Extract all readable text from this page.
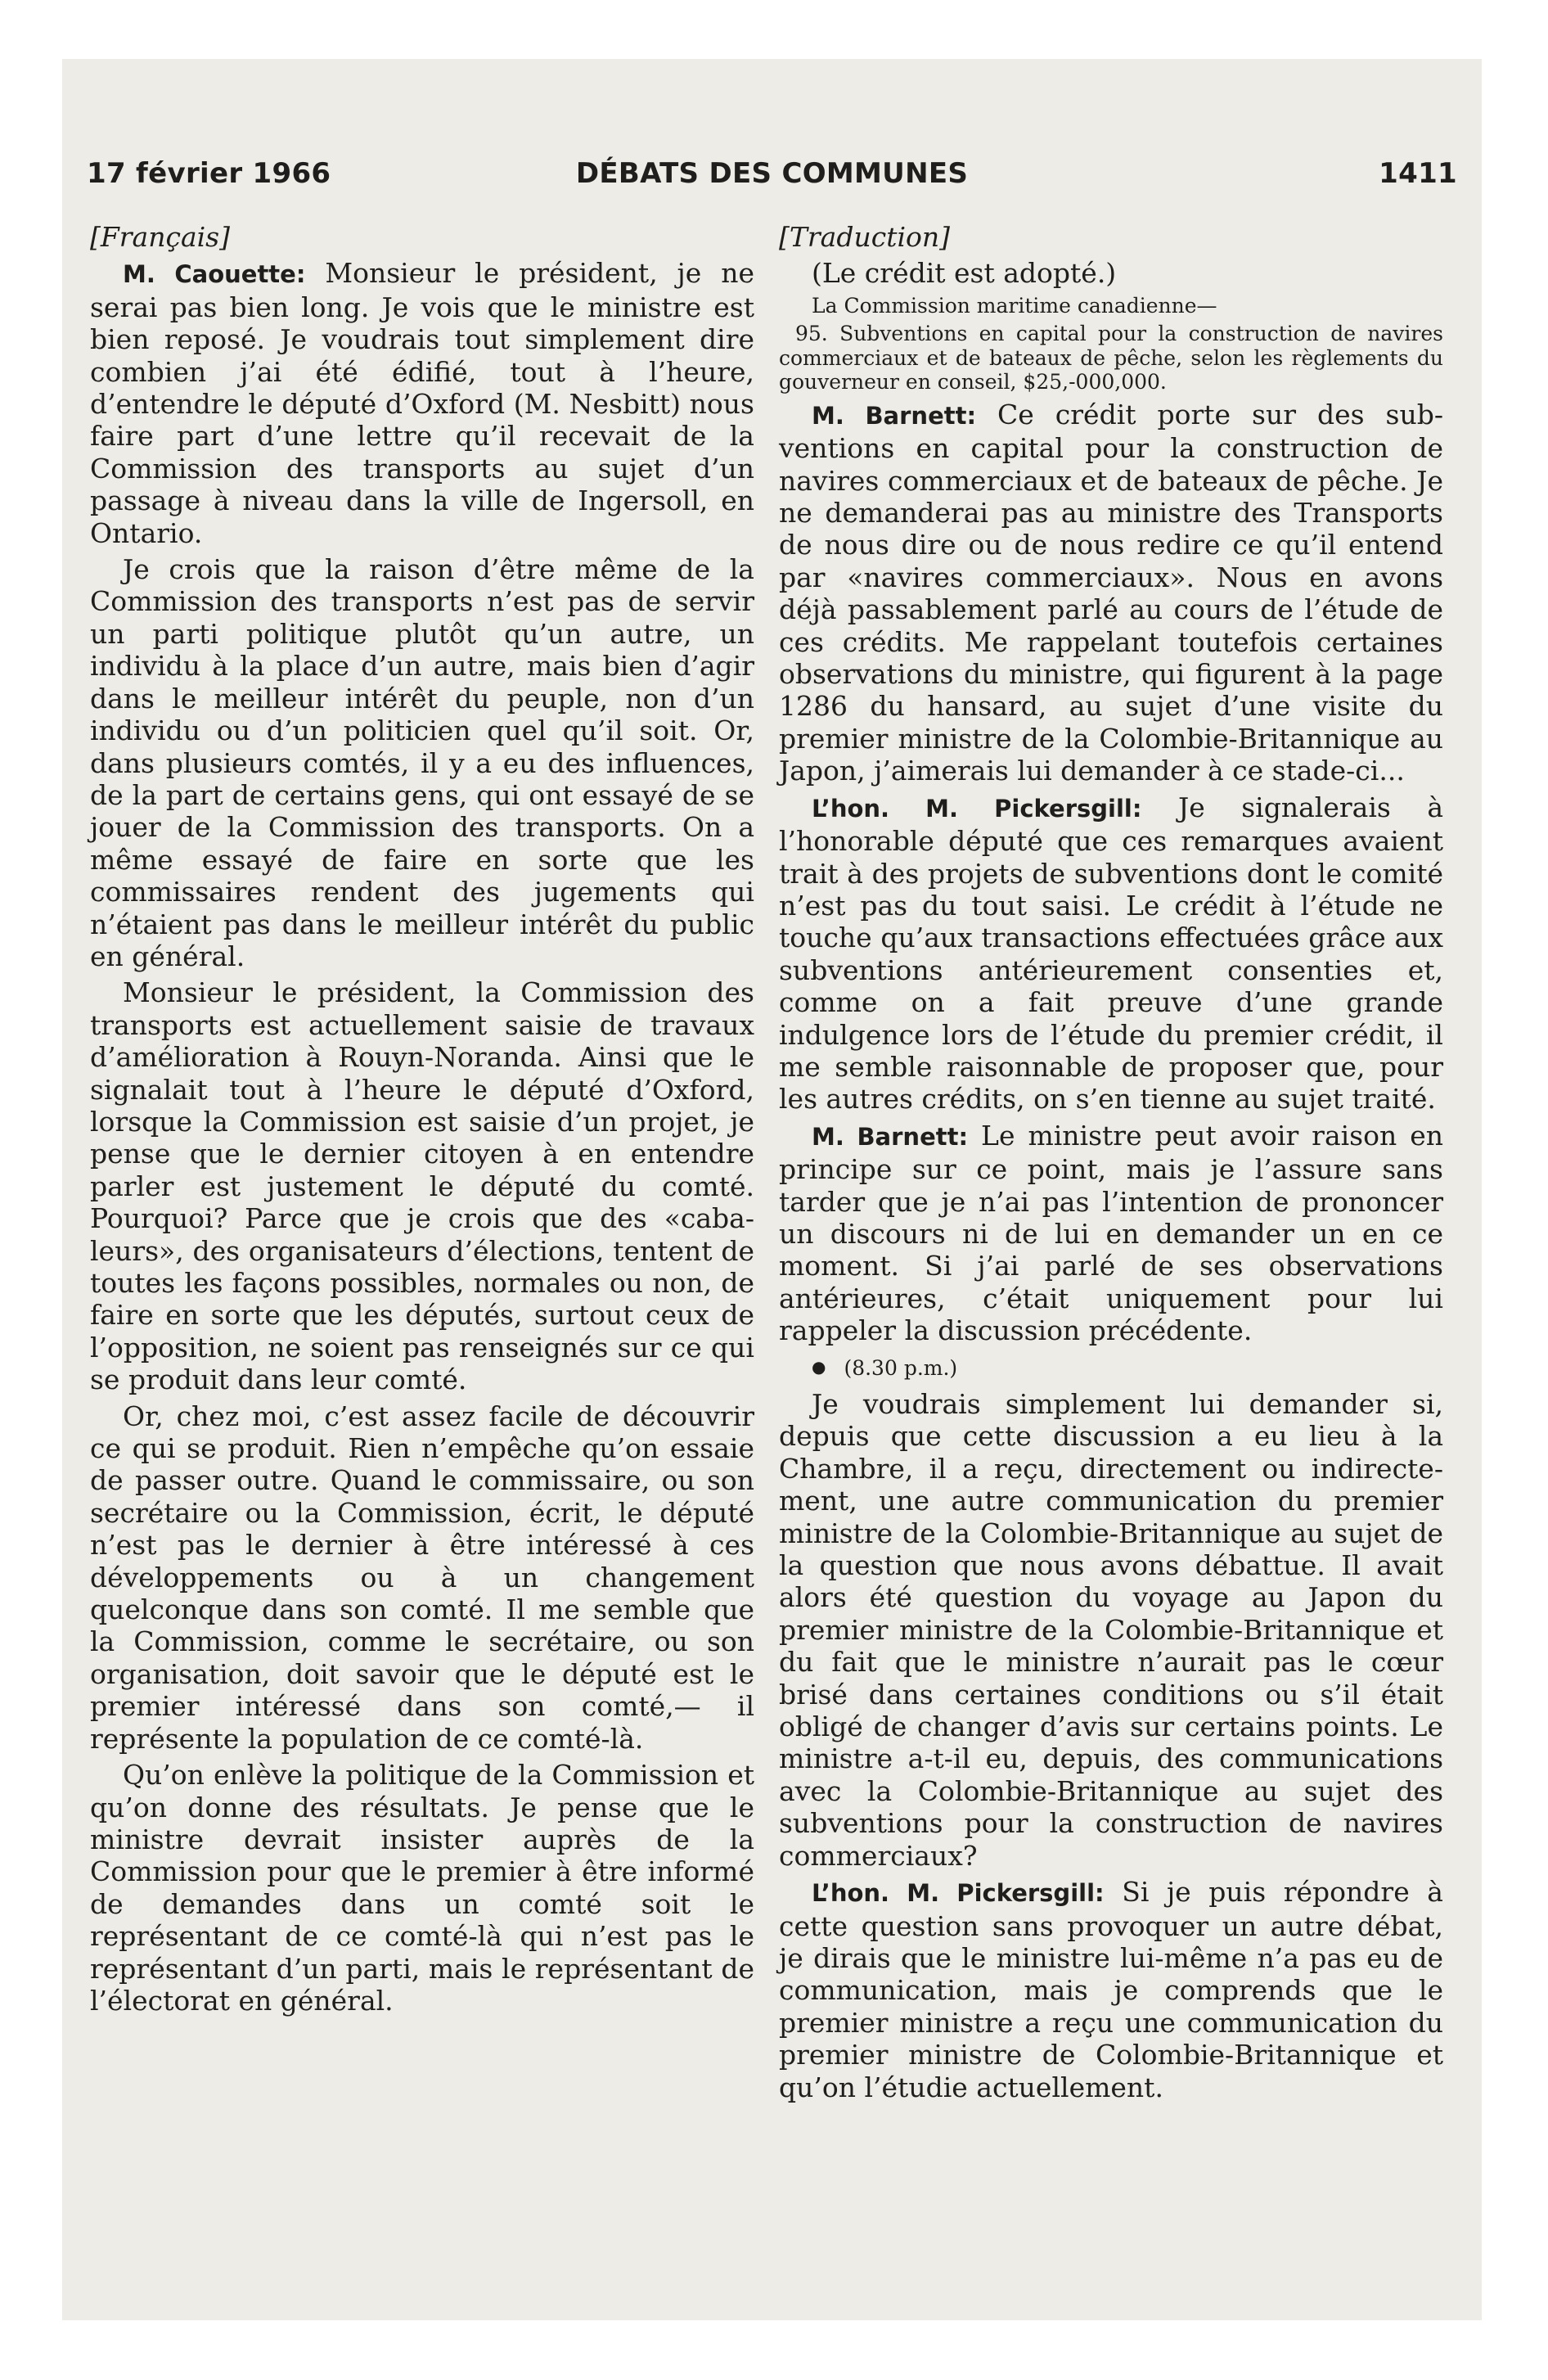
17 février 1966	DÉBATS DES COMMUNES	1411

[Français]

M. Caouette: Monsieur le président, je ne serai pas bien long. Je vois que le ministre est bien reposé. Je voudrais tout simplement dire combien j’ai été édifié, tout à l’heure, d’entendre le député d’Oxford (M. Nesbitt) nous faire part d’une lettre qu’il recevait de la Commission des transports au sujet d’un passage à niveau dans la ville de Ingersoll, en Ontario.

Je crois que la raison d’être même de la Commission des transports n’est pas de servir un parti politique plutôt qu’un autre, un individu à la place d’un autre, mais bien d’agir dans le meilleur intérêt du peuple, non d’un individu ou d’un politicien quel qu’il soit. Or, dans plusieurs comtés, il y a eu des influences, de la part de certains gens, qui ont essayé de se jouer de la Commission des transports. On a même essayé de faire en sorte que les commissaires rendent des jugements qui n’étaient pas dans le meilleur intérêt du public en général.

Monsieur le président, la Commission des transports est actuellement saisie de travaux d’amélioration à Rouyn-Noranda. Ainsi que le signalait tout à l’heure le député d’Oxford, lorsque la Commission est saisie d’un projet, je pense que le dernier citoyen à en entendre parler est justement le député du comté. Pourquoi? Parce que je crois que des «cabaleurs», des organisateurs d’élections, tentent de toutes les façons possibles, normales ou non, de faire en sorte que les députés, surtout ceux de l’opposition, ne soient pas renseignés sur ce qui se produit dans leur comté.

Or, chez moi, c’est assez facile de découvrir ce qui se produit. Rien n’empêche qu’on essaie de passer outre. Quand le commissaire, ou son secrétaire ou la Commission, écrit, le député n’est pas le dernier à être intéressé à ces développements ou à un changement quelconque dans son comté. Il me semble que la Commission, comme le secrétaire, ou son organisation, doit savoir que le député est le premier intéressé dans son comté,— il représente la population de ce comté-là.

Qu’on enlève la politique de la Commission et qu’on donne des résultats. Je pense que le ministre devrait insister auprès de la Commission pour que le premier à être informé de demandes dans un comté soit le représentant de ce comté-là qui n’est pas le représentant d’un parti, mais le représentant de l’électorat en général.

[Traduction]

(Le crédit est adopté.)

La Commission maritime canadienne—

95. Subventions en capital pour la construction de navires commerciaux et de bateaux de pêche, selon les règlements du gouverneur en conseil, $25,-000,000.

M. Barnett: Ce crédit porte sur des subventions en capital pour la construction de navires commerciaux et de bateaux de pêche. Je ne demanderai pas au ministre des Transports de nous dire ou de nous redire ce qu’il entend par «navires commerciaux». Nous en avons déjà passablement parlé au cours de l’étude de ces crédits. Me rappelant toutefois certaines observations du ministre, qui figurent à la page 1286 du hansard, au sujet d’une visite du premier ministre de la Colombie-Britannique au Japon, j’aimerais lui demander à ce stade-ci...

L’hon. M. Pickersgill: Je signalerais à l’honorable député que ces remarques avaient trait à des projets de subventions dont le comité n’est pas du tout saisi. Le crédit à l’étude ne touche qu’aux transactions effectuées grâce aux subventions antérieurement consenties et, comme on a fait preuve d’une grande indulgence lors de l’étude du premier crédit, il me semble raisonnable de proposer que, pour les autres crédits, on s’en tienne au sujet traité.

M. Barnett: Le ministre peut avoir raison en principe sur ce point, mais je l’assure sans tarder que je n’ai pas l’intention de prononcer un discours ni de lui en demander un en ce moment. Si j’ai parlé de ses observations antérieures, c’était uniquement pour lui rappeler la discussion précédente.

● (8.30 p.m.)

Je voudrais simplement lui demander si, depuis que cette discussion a eu lieu à la Chambre, il a reçu, directement ou indirectement, une autre communication du premier ministre de la Colombie-Britannique au sujet de la question que nous avons débattue. Il avait alors été question du voyage au Japon du premier ministre de la Colombie-Britannique et du fait que le ministre n’aurait pas le cœur brisé dans certaines conditions ou s’il était obligé de changer d’avis sur certains points. Le ministre a-t-il eu, depuis, des communications avec la Colombie-Britannique au sujet des subventions pour la construction de navires commerciaux?

L’hon. M. Pickersgill: Si je puis répondre à cette question sans provoquer un autre débat, je dirais que le ministre lui-même n’a pas eu de communication, mais je comprends que le premier ministre a reçu une communication du premier ministre de Colombie-Britannique et qu’on l’étudie actuellement.
